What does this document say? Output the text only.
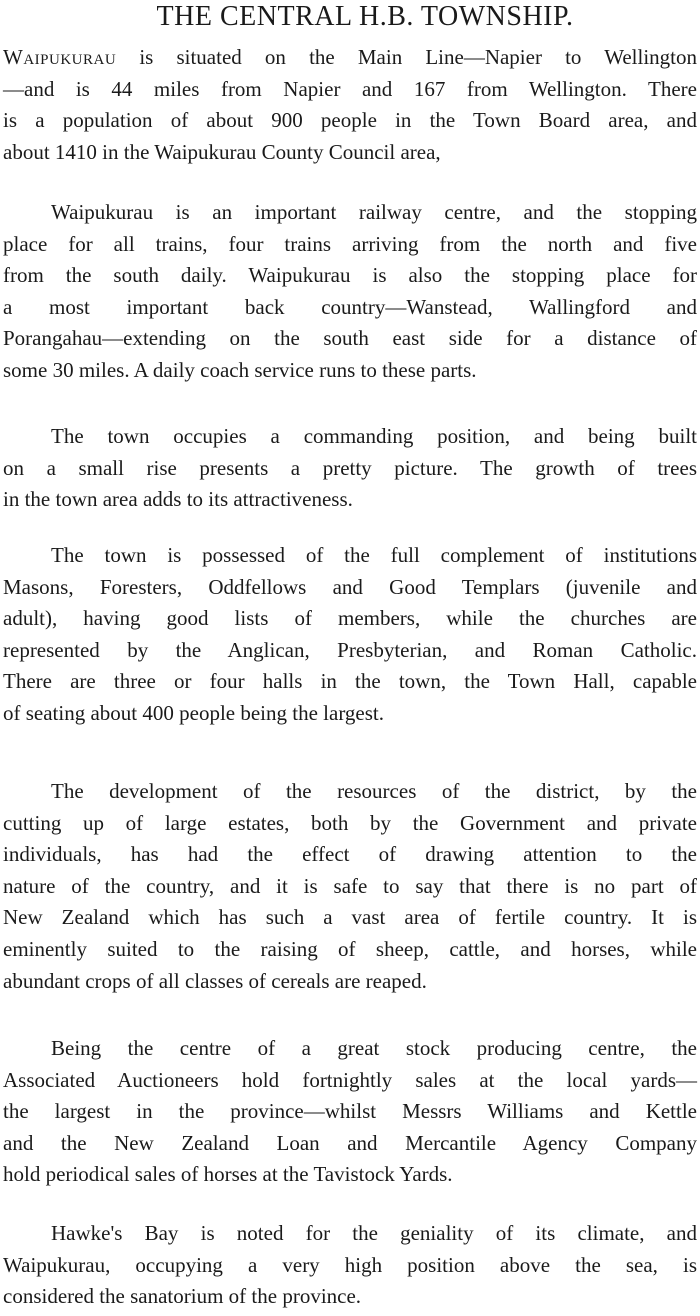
THE CENTRAL H.B. TOWNSHIP.

Waipukurau is situated on the Main Line—Napier to Wellington
—and is 44 miles from Napier and 167 from Wellington. There
is a population of about 900 people in the Town Board area, and
about 1410 in the Waipukurau County Council area,

Waipukurau is an important railway centre, and the stopping
place for all trains, four trains arriving from the north and five
from the south daily. Waipukurau is also the stopping place for
a most important back country—Wanstead, Wallingford and
Porangahau—extending on the south east side for a distance of
some 30 miles. A daily coach service runs to these parts.

The town occupies a commanding position, and being built
on a small rise presents a pretty picture. The growth of trees
in the town area adds to its attractiveness.

The town is possessed of the full complement of institutions
Masons, Foresters, Oddfellows and Good Templars (juvenile and
adult), having good lists of members, while the churches are
represented by the Anglican, Presbyterian, and Roman Catholic.
There are three or four halls in the town, the Town Hall, capable
of seating about 400 people being the largest.

The development of the resources of the district, by the
cutting up of large estates, both by the Government and private
individuals, has had the effect of drawing attention to the
nature of the country, and it is safe to say that there is no part of
New Zealand which has such a vast area of fertile country. It is
eminently suited to the raising of sheep, cattle, and horses, while
abundant crops of all classes of cereals are reaped.

Being the centre of a great stock producing centre, the
Associated Auctioneers hold fortnightly sales at the local yards—
the largest in the province—whilst Messrs Williams and Kettle
and the New Zealand Loan and Mercantile Agency Company
hold periodical sales of horses at the Tavistock Yards.

Hawke's Bay is noted for the geniality of its climate, and
Waipukurau, occupying a very high position above the sea, is
considered the sanatorium of the province.
